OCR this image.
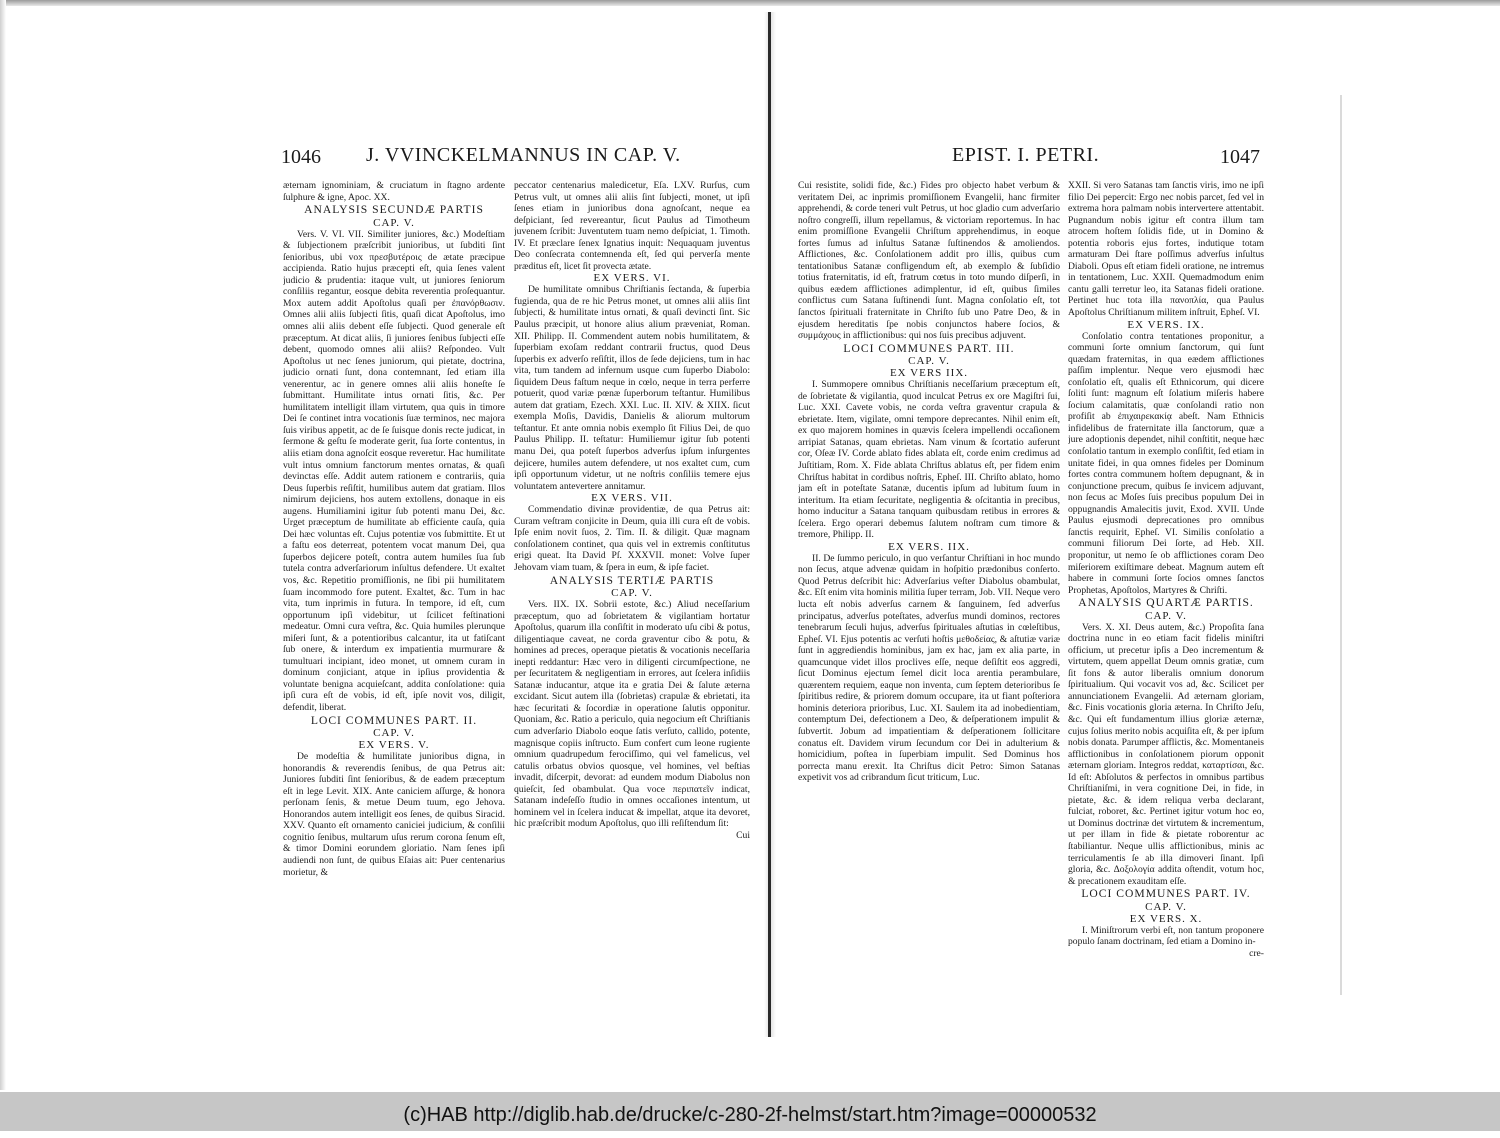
1046 J. VVINCKELMANNUS IN CAP. V.

æternam ignominiam, & cruciatum in ſtagno ardente ſulphure & igne, Apoc. XX.

ANALYSIS SECUNDÆ PARTIS
CAP. V.

Vers. V. VI. VII. Similiter juniores, &c.) Modeſtiam & ſubjectionem præſcribit junioribus, ut ſubditi ſint ſenioribus, ubi vox πρεσβυτέροις de ætate præcipue accipienda. Ratio hujus præcepti eſt, quia ſenes valent judicio & prudentia: itaque vult, ut juniores ſeniorum conſiliis regantur, eosque debita reverentia proſequantur. Mox autem addit Apoſtolus quaſi per ἐπανόρθωσιν. Omnes alii aliis ſubjecti ſitis, quaſi dicat Apoſtolus, imo omnes alii aliis debent eſſe ſubjecti. Quod generale eſt præceptum. At dicat aliis, ſi juniores ſenibus ſubjecti eſſe debent, quomodo omnes alii aliis? Reſpondeo. Vult Apoſtolus ut nec ſenes juniorum, qui pietate, doctrina, judicio ornati ſunt, dona contemnant, ſed etiam illa venerentur, ac in genere omnes alii aliis honeſte ſe ſubmittant. Humilitate intus ornati ſitis, &c. Per humilitatem intelligit illam virtutem, qua quis in timore Dei ſe continet intra vocationis ſuæ terminos, nec majora ſuis viribus appetit, ac de ſe ſuisque donis recte judicat, in ſermone & geſtu ſe moderate gerit, ſua ſorte contentus, in aliis etiam dona agnoſcit eosque reveretur. Hac humilitate vult intus omnium fanctorum mentes ornatas, & quaſi devinctas eſſe. Addit autem rationem e contrariis, quia Deus ſuperbis reſiſtit, humilibus autem dat gratiam. Illos nimirum dejiciens, hos autem extollens, donaque in eis augens. Humiliamini igitur ſub potenti manu Dei, &c. Urget præceptum de humilitate ab efficiente cauſa, quia Dei hæc voluntas eſt. Cujus potentiæ vos ſubmittite. Et ut a faſtu eos deterreat, potentem vocat manum Dei, qua ſuperbos dejicere poteſt, contra autem humiles ſua ſub tutela contra adverſariorum inſultus defendere. Ut exaltet vos, &c. Repetitio promiſſionis, ne ſibi pii humilitatem ſuam incommodo fore putent. Exaltet, &c. Tum in hac vita, tum inprimis in futura. In tempore, id eſt, cum opportunum ipſi videbitur, ut ſcilicet feſtinationi medeatur. Omni cura veſtra, &c. Quia humiles plerunque miſeri ſunt, & a potentioribus calcantur, ita ut fatiſcant ſub onere, & interdum ex impatientia murmurare & tumultuari incipiant, ideo monet, ut omnem curam in dominum conjiciant, atque in ipſius providentia & voluntate benigna acquieſcant, addita conſolatione: quia ipſi cura eſt de vobis, id eſt, ipſe novit vos, diligit, defendit, liberat.

LOCI COMMUNES PART. II.
CAP. V.
EX VERS. V.

De modeſtia & humilitate junioribus digna, in honorandis & reverendis ſenibus, de qua Petrus ait: Juniores ſubditi ſint ſenioribus, & de eadem præceptum eſt in lege Levit. XIX. Ante caniciem aſſurge, & honora perſonam ſenis, & metue Deum tuum, ego Jehova. Honorandos autem intelligit eos ſenes, de quibus Siracid. XXV. Quanto eſt ornamento caniciei judicium, & conſilii cognitio ſenibus, multarum uſus rerum corona ſenum eſt, & timor Domini eorundem gloriatio. Nam ſenes ipſi audiendi non ſunt, de quibus Eſaias ait: Puer centenarius morietur, &

peccator centenarius maledicetur, Eſa. LXV. Rurſus, cum Petrus vult, ut omnes alii aliis ſint ſubjecti, monet, ut ipſi ſenes etiam in junioribus dona agnoſcant, neque ea deſpiciant, ſed revereantur, ſicut Paulus ad Timotheum juvenem ſcribit: Juventutem tuam nemo deſpiciat, 1. Timoth. IV. Et præclare ſenex Ignatius inquit: Nequaquam juventus Deo conſecrata contemnenda eſt, ſed qui perverſa mente præditus eſt, licet ſit provecta ætate.

EX VERS. VI.

De humilitate omnibus Chriſtianis ſectanda, & ſuperbia fugienda, qua de re hic Petrus monet, ut omnes alii aliis ſint ſubjecti, & humilitate intus ornati, & quaſi devincti ſint. Sic Paulus præcipit, ut honore alius alium præveniat, Roman. XII. Philipp. II. Commendent autem nobis humilitatem, & ſuperbiam exoſam reddant contrarii fructus, quod Deus ſuperbis ex adverſo reſiſtit, illos de ſede dejiciens, tum in hac vita, tum tandem ad infernum usque cum ſuperbo Diabolo: ſiquidem Deus faſtum neque in cœlo, neque in terra perferre potuerit, quod variæ pœnæ ſuperborum teſtantur. Humilibus autem dat gratiam, Ezech. XXI. Luc. II. XIV. & XIIX. ſicut exempla Moſis, Davidis, Danielis & aliorum multorum teſtantur. Et ante omnia nobis exemplo ſit Filius Dei, de quo Paulus Philipp. II. teſtatur: Humiliemur igitur ſub potenti manu Dei, qua poteſt ſuperbos adverſus ipſum inſurgentes dejicere, humiles autem defendere, ut nos exaltet cum, cum ipſi opportunum videtur, ut ne noſtris conſiliis temere ejus voluntatem antevertere annitamur.

EX VERS. VII.

Commendatio divinæ providentiæ, de qua Petrus ait: Curam veſtram conjicite in Deum, quia illi cura eſt de vobis. Ipſe enim novit ſuos, 2. Tim. II. & diligit. Quæ magnam conſolationem continet, qua quis vel in extremis conſtitutus erigi queat. Ita David Pſ. XXXVII. monet: Volve ſuper Jehovam viam tuam, & ſpera in eum, & ipſe faciet.

ANALYSIS TERTIÆ PARTIS
CAP. V.

Vers. IIX. IX. Sobrii estote, &c.) Aliud neceſſarium præceptum, quo ad ſobrietatem & vigilantiam hortatur Apoſtolus, quarum illa conſiſtit in moderato uſu cibi & potus, diligentiaque caveat, ne corda graventur cibo & potu, & homines ad preces, operaque pietatis & vocationis neceſſaria inepti reddantur: Hæc vero in diligenti circumſpectione, ne per ſecuritatem & negligentiam in errores, aut ſcelera inſidiis Satanæ inducantur, atque ita e gratia Dei & ſalute æterna excidant. Sicut autem illa (ſobrietas) crapulæ & ebrietati, ita hæc ſecuritati & ſocordiæ in operatione ſalutis opponitur. Quoniam, &c. Ratio a periculo, quia negocium eſt Chriſtianis cum adverſario Diabolo eoque ſatis verſuto, callido, potente, magnisque copiis inſtructo. Eum confert cum leone rugiente omnium quadrupedum ferociſſimo, qui vel famelicus, vel catulis orbatus obvios quosque, vel homines, vel beſtias invadit, diſcerpit, devorat: ad eundem modum Diabolus non quieſcit, ſed obambulat. Qua voce περιπατεῖν indicat, Satanam indeſeſſo ſtudio in omnes occaſiones intentum, ut hominem vel in ſcelera inducat & impellat, atque ita devoret, hic præſcribit modum Apoſtolus, quo illi reſiſtendum ſit:

Cui

EPIST. I. PETRI.	1047

Cui resistite, solidi fide, &c.) Fides pro objecto habet verbum & veritatem Dei, ac inprimis promiſſionem Evangelii, hanc firmiter apprehendi, & corde teneri vult Petrus, ut hoc gladio cum adverſario noſtro congreſſi, illum repellamus, & victoriam reportemus. In hac enim promiſſione Evangelii Chriſtum apprehendimus, in eoque fortes ſumus ad inſultus Satanæ ſuſtinendos & amoliendos. Afflictiones, &c. Conſolationem addit pro illis, quibus cum tentationibus Satanæ confligendum eſt, ab exemplo & ſubſidio totius fraternitatis, id eſt, fratrum cœtus in toto mundo diſperſi, in quibus eædem afflictiones adimplentur, id eſt, quibus ſimiles conflictus cum Satana ſuſtinendi ſunt. Magna conſolatio eſt, tot ſanctos ſpirituali fraternitate in Chriſto ſub uno Patre Deo, & in ejusdem hereditatis ſpe nobis conjunctos habere ſocios, & συμμάχους in afflictionibus: qui nos ſuis precibus adjuvent.

LOCI COMMUNES PART. III.
CAP. V.
EX VERS IIX.

I. Summopere omnibus Chriſtianis neceſſarium præceptum eſt, de ſobrietate & vigilantia, quod inculcat Petrus ex ore Magiſtri ſui, Luc. XXI. Cavete vobis, ne corda veſtra graventur crapula & ebrietate. Item, vigilate, omni tempore deprecantes. Nihil enim eſt, ex quo majorem homines in quævis ſcelera impellendi occaſionem arripiat Satanas, quam ebrietas. Nam vinum & ſcortatio auferunt cor, Oſeæ IV. Corde ablato fides ablata eſt, corde enim credimus ad Juſtitiam, Rom. X. Fide ablata Chriſtus ablatus eſt, per fidem enim Chriſtus habitat in cordibus noſtris, Epheſ. III. Chriſto ablato, homo jam eſt in poteſtate Satanæ, ducentis ipſum ad lubitum ſuum in interitum. Ita etiam ſecuritate, negligentia & oſcitantia in precibus, homo inducitur a Satana tanquam quibusdam retibus in errores & ſcelera. Ergo operari debemus ſalutem noſtram cum timore & tremore, Philipp. II.

EX VERS. IIX.

II. De ſummo periculo, in quo verſantur Chriſtiani in hoc mundo non ſecus, atque advenæ quidam in hoſpitio prædonibus conſerto. Quod Petrus deſcribit hic: Adverſarius veſter Diabolus obambulat, &c. Eſt enim vita hominis militia ſuper terram, Job. VII. Neque vero lucta eſt nobis adverſus carnem & ſanguinem, ſed adverſus principatus, adverſus poteſtates, adverſus mundi dominos, rectores tenebrarum ſeculi hujus, adverſus ſpirituales aſtutias in cœleſtibus, Epheſ. VI. Ejus potentis ac verſuti hoſtis μεθοδείας, & aſtutiæ variæ ſunt in aggrediendis hominibus, jam ex hac, jam ex alia parte, in quamcunque videt illos proclives eſſe, neque deſiſtit eos aggredi, ſicut Dominus ejectum ſemel dicit loca arentia perambulare, quærentem requiem, eaque non inventa, cum ſeptem deterioribus ſe ſpiritibus redire, & priorem domum occupare, ita ut fiant poſteriora hominis deteriora prioribus, Luc. XI. Saulem ita ad inobedientiam, contemptum Dei, defectionem a Deo, & deſperationem impulit & ſubvertit. Jobum ad impatientiam & deſperationem ſollicitare conatus eſt. Davidem virum ſecundum cor Dei in adulterium & homicidium, poſtea in ſuperbiam impulit. Sed Dominus hos porrecta manu erexit. Ita Chriſtus dicit Petro: Simon Satanas expetivit vos ad cribrandum ſicut triticum, Luc.

XXII. Si vero Satanas tam ſanctis viris, imo ne ipſi filio Dei pepercit: Ergo nec nobis parcet, ſed vel in extrema hora palmam nobis intervertere attentabit. Pugnandum nobis igitur eſt contra illum tam atrocem hoſtem ſolidis fide, ut in Domino & potentia roboris ejus fortes, indutique totam armaturam Dei ſtare poſſimus adverſus inſultus Diaboli. Opus eſt etiam fideli oratione, ne intremus in tentationem, Luc. XXII. Quemadmodum enim cantu galli terretur leo, ita Satanas fideli oratione. Pertinet huc tota illa πανοπλία, qua Paulus Apoſtolus Chriſtianum militem inſtruit, Epheſ. VI.

EX VERS. IX.

Conſolatio contra tentationes proponitur, a communi ſorte omnium ſanctorum, qui ſunt quædam fraternitas, in qua eædem afflictiones paſſim implentur. Neque vero ejusmodi hæc conſolatio eſt, qualis eſt Ethnicorum, qui dicere ſoliti ſunt: magnum eſt ſolatium miſeris habere ſocium calamitatis, quæ conſolandi ratio non profiſit ab ἐπιχαιρεκακίᾳ abeſt. Nam Ethnicis infidelibus de fraternitate illa ſanctorum, quæ a jure adoptionis dependet, nihil conſtitit, neque hæc conſolatio tantum in exemplo conſiſtit, ſed etiam in unitate fidei, in qua omnes fideles per Dominum fortes contra communem hoſtem depugnant, & in conjunctione precum, quibus ſe invicem adjuvant, non ſecus ac Moſes ſuis precibus populum Dei in oppugnandis Amalecitis juvit, Exod. XVII. Unde Paulus ejusmodi deprecationes pro omnibus ſanctis requirit, Epheſ. VI. Similis conſolatio a communi filiorum Dei ſorte, ad Heb. XII. proponitur, ut nemo ſe ob afflictiones coram Deo miſeriorem exiſtimare debeat. Magnum autem eſt habere in communi ſorte ſocios omnes ſanctos Prophetas, Apoſtolos, Martyres & Chriſti.

ANALYSIS QUARTÆ PARTIS.
CAP. V.

Vers. X. XI. Deus autem, &c.) Propoſita ſana doctrina nunc in eo etiam facit fidelis miniſtri officium, ut precetur ipſis a Deo incrementum & virtutem, quem appellat Deum omnis gratiæ, cum ſit fons & autor liberalis omnium donorum ſpiritualium. Qui vocavit vos ad, &c. Scilicet per annunciationem Evangelii. Ad æternam gloriam, &c. Finis vocationis gloria æterna. In Chriſto Jeſu, &c. Qui eſt fundamentum illius gloriæ æternæ, cujus ſolius merito nobis acquiſita eſt, & per ipſum nobis donata. Parumper afflictis, &c. Momentaneis afflictionibus in conſolationem piorum opponit æternam gloriam. Integros reddat, καταρτίσαι, &c. Id eſt: Abſolutos & perfectos in omnibus partibus Chriſtianiſmi, in vera cognitione Dei, in fide, in pietate, &c. & idem reliqua verba declarant, fulciat, roboret, &c. Pertinet igitur votum hoc eo, ut Dominus doctrinæ det virtutem & incrementum, ut per illam in fide & pietate roborentur ac ſtabiliantur. Neque ullis afflictionibus, minis ac terriculamentis ſe ab illa dimoveri ſinant. Ipſi gloria, &c. Δοξολογία addita oſtendit, votum hoc, & precationem exauditam eſſe.

LOCI COMMUNES PART. IV.
CAP. V.
EX VERS. X.

I. Miniſtrorum verbi eſt, non tantum proponere populo ſanam doctrinam, ſed etiam a Domino in-

cre-

(c)HAB http://diglib.hab.de/drucke/c-280-2f-helmst/start.htm?image=00000532
